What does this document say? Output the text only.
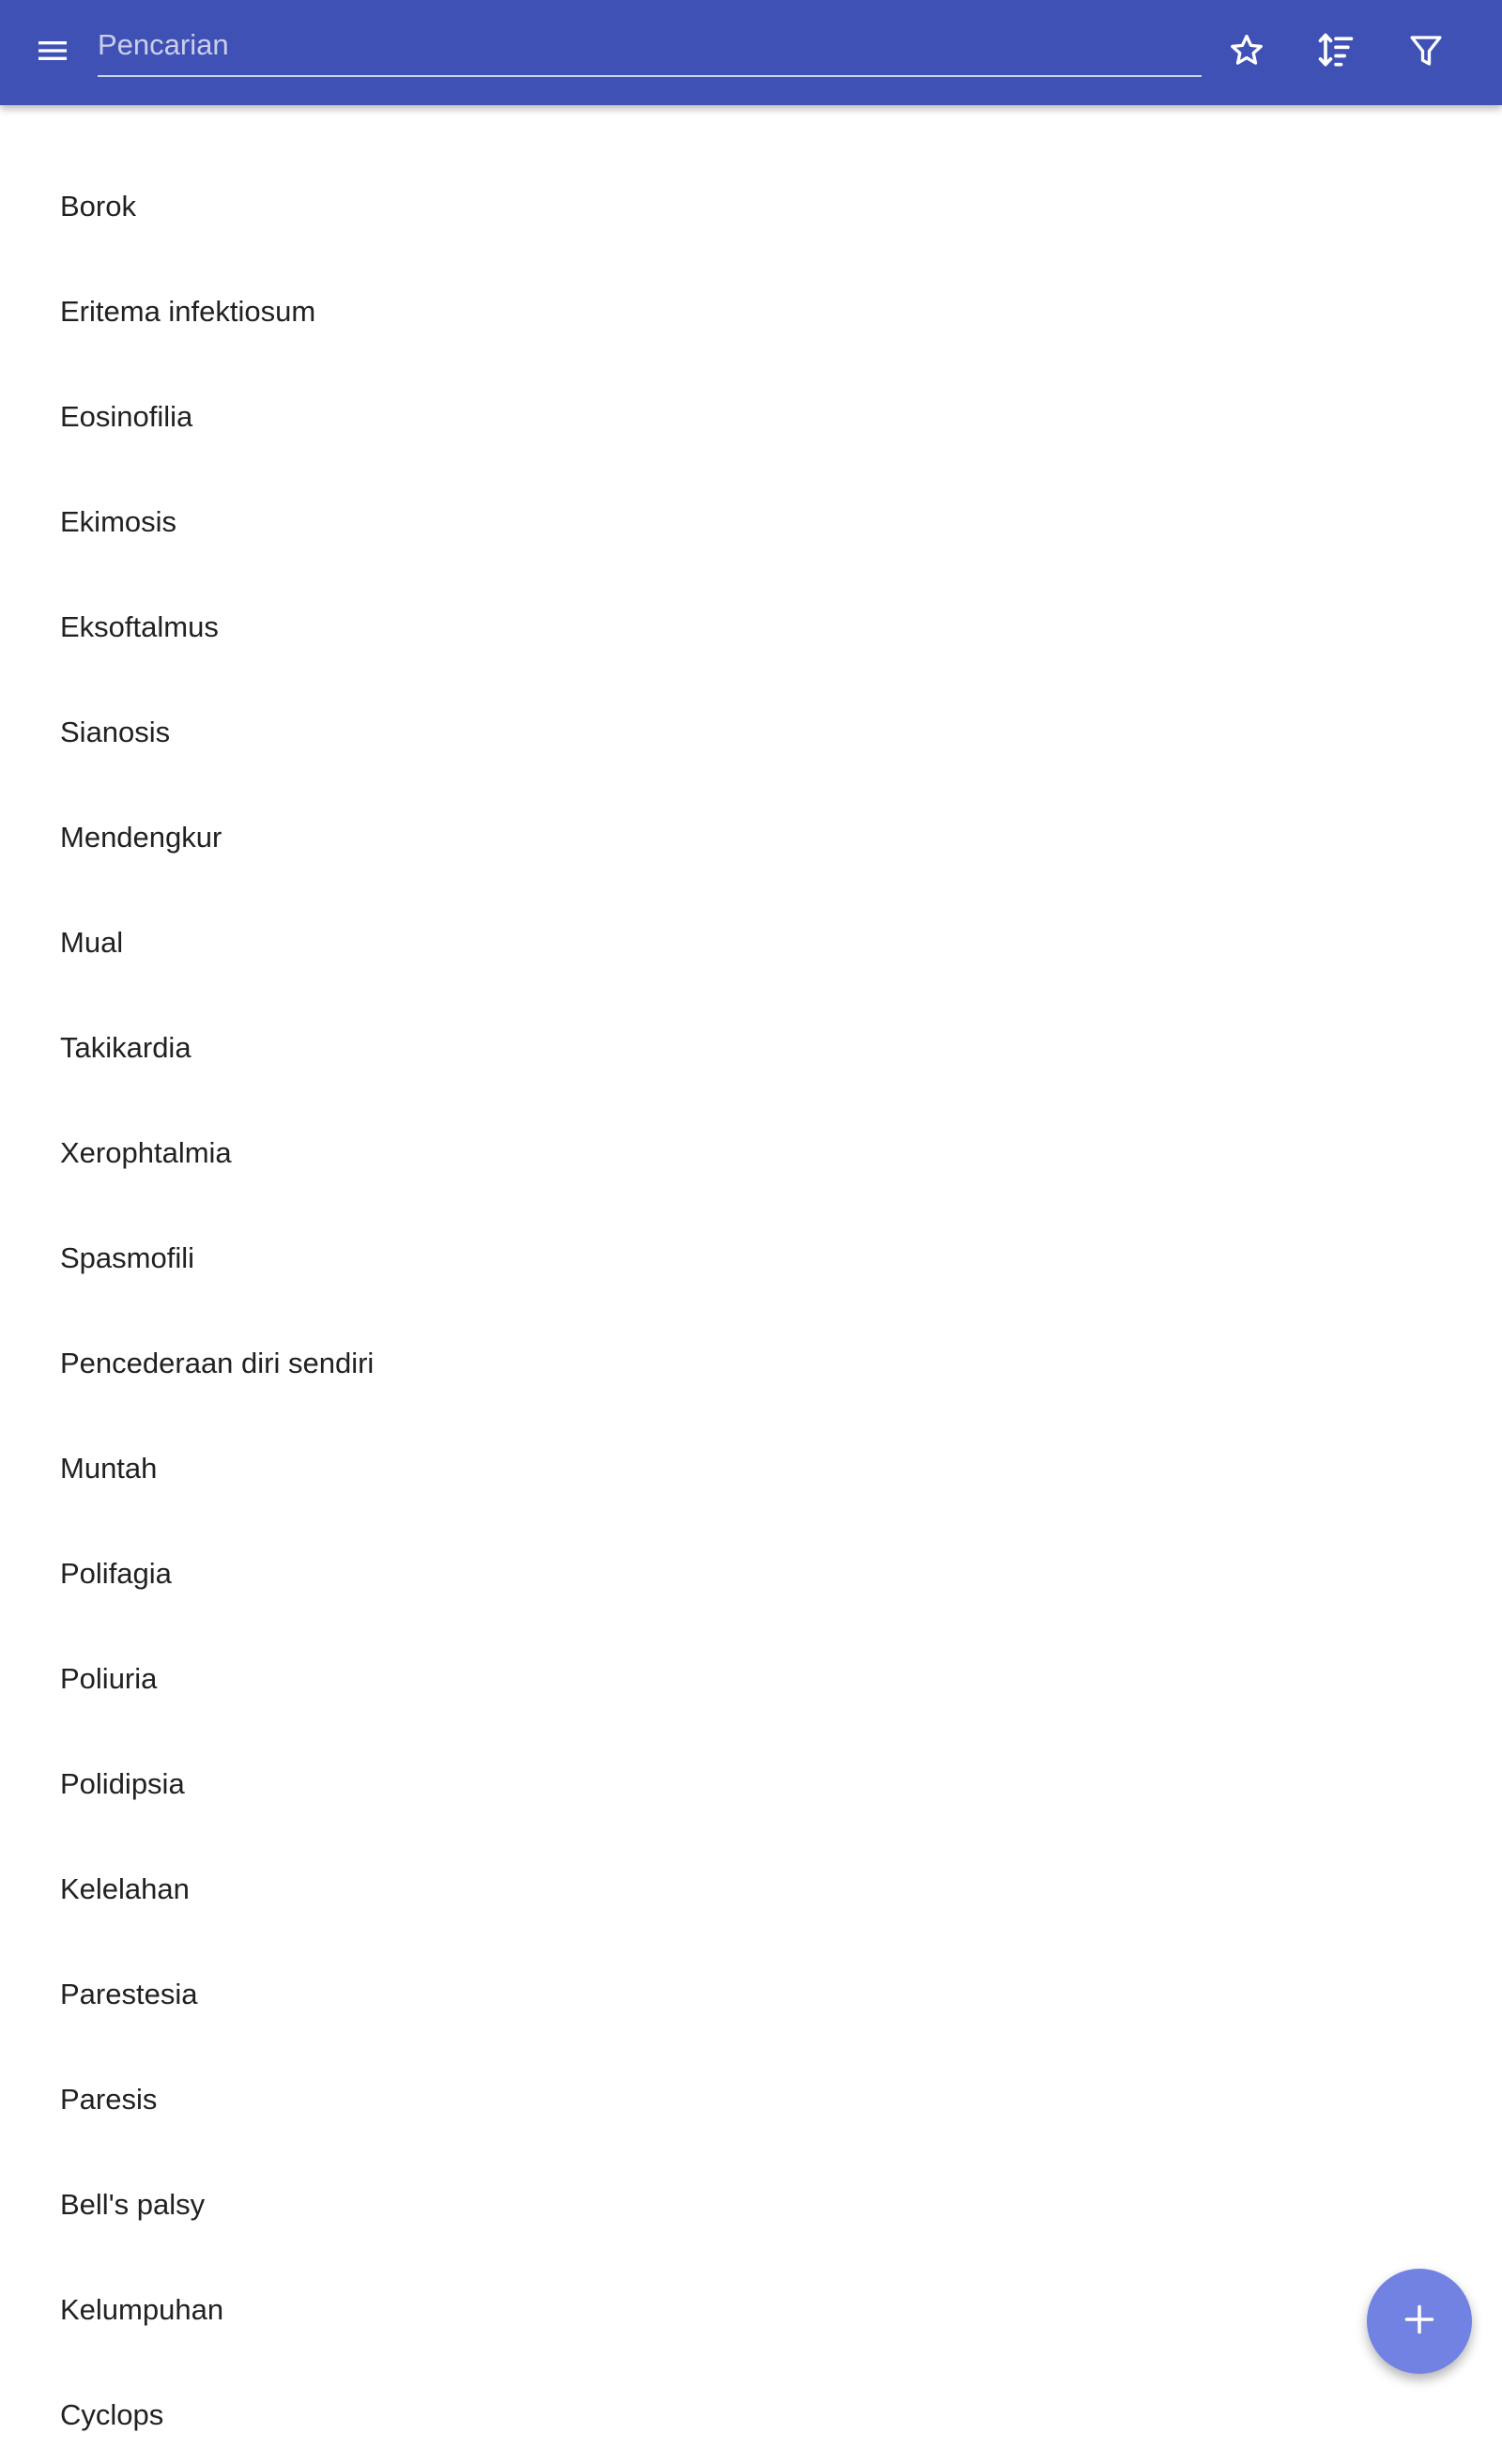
Pencarian
Borok
Eritema infektiosum
Eosinofilia
Ekimosis
Eksoftalmus
Sianosis
Mendengkur
Mual
Takikardia
Xerophtalmia
Spasmofili
Pencederaan diri sendiri
Muntah
Polifagia
Poliuria
Polidipsia
Kelelahan
Parestesia
Paresis
Bell's palsy
Kelumpuhan
Cyclops
